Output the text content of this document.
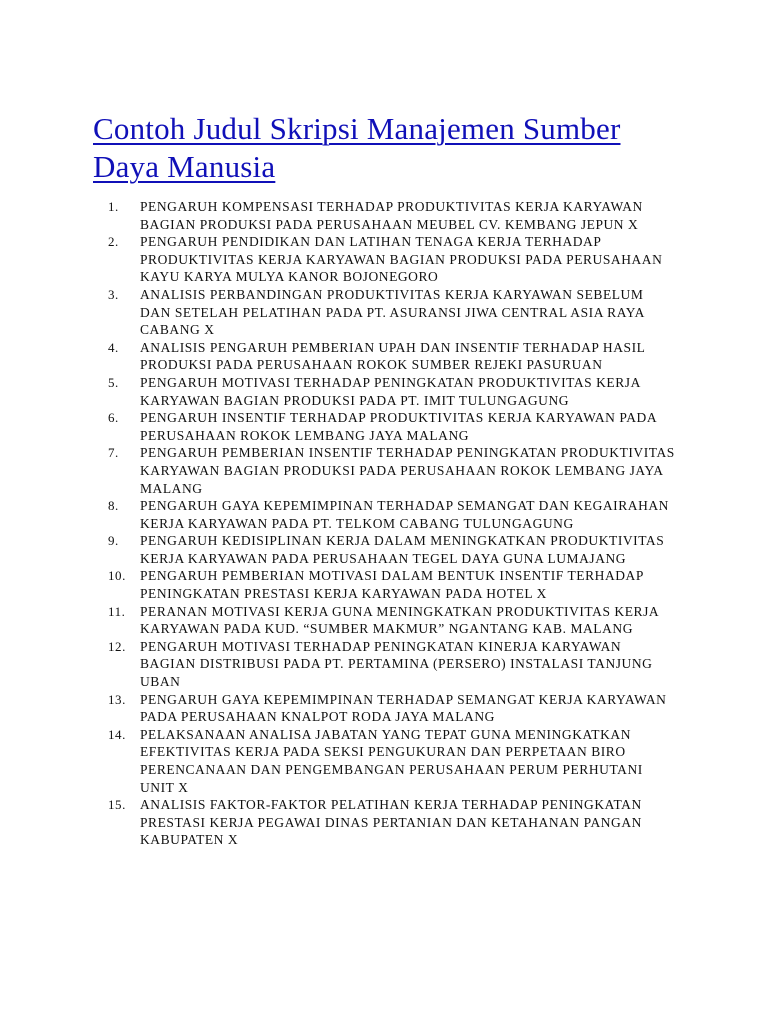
Contoh Judul Skripsi Manajemen Sumber Daya Manusia
1.	PENGARUH KOMPENSASI TERHADAP PRODUKTIVITAS KERJA KARYAWAN BAGIAN PRODUKSI PADA PERUSAHAAN MEUBEL CV. KEMBANG JEPUN X
2.	PENGARUH PENDIDIKAN DAN LATIHAN TENAGA KERJA TERHADAP PRODUKTIVITAS KERJA KARYAWAN BAGIAN PRODUKSI PADA PERUSAHAAN KAYU KARYA MULYA KANOR BOJONEGORO
3.	ANALISIS PERBANDINGAN PRODUKTIVITAS KERJA KARYAWAN SEBELUM DAN SETELAH PELATIHAN PADA PT. ASURANSI JIWA CENTRAL ASIA RAYA CABANG X
4.	ANALISIS PENGARUH PEMBERIAN UPAH DAN INSENTIF TERHADAP HASIL PRODUKSI PADA PERUSAHAAN ROKOK SUMBER REJEKI PASURUAN
5.	PENGARUH MOTIVASI TERHADAP PENINGKATAN PRODUKTIVITAS KERJA KARYAWAN BAGIAN PRODUKSI PADA PT. IMIT TULUNGAGUNG
6.	PENGARUH INSENTIF TERHADAP PRODUKTIVITAS KERJA KARYAWAN PADA PERUSAHAAN ROKOK LEMBANG JAYA MALANG
7.	PENGARUH PEMBERIAN INSENTIF TERHADAP PENINGKATAN PRODUKTIVITAS KARYAWAN BAGIAN PRODUKSI PADA PERUSAHAAN ROKOK LEMBANG JAYA MALANG
8.	PENGARUH GAYA KEPEMIMPINAN TERHADAP SEMANGAT DAN KEGAIRAHAN KERJA KARYAWAN PADA PT. TELKOM CABANG TULUNGAGUNG
9.	PENGARUH KEDISIPLINAN KERJA DALAM MENINGKATKAN PRODUKTIVITAS KERJA KARYAWAN PADA PERUSAHAAN TEGEL DAYA GUNA LUMAJANG
10.	PENGARUH PEMBERIAN MOTIVASI DALAM BENTUK INSENTIF TERHADAP PENINGKATAN PRESTASI KERJA KARYAWAN PADA HOTEL X
11.	PERANAN MOTIVASI KERJA GUNA MENINGKATKAN PRODUKTIVITAS KERJA KARYAWAN PADA KUD. “SUMBER MAKMUR” NGANTANG KAB. MALANG
12.	PENGARUH MOTIVASI TERHADAP PENINGKATAN KINERJA KARYAWAN BAGIAN DISTRIBUSI PADA PT. PERTAMINA (PERSERO) INSTALASI TANJUNG UBAN
13.	PENGARUH GAYA KEPEMIMPINAN TERHADAP SEMANGAT KERJA KARYAWAN PADA PERUSAHAAN KNALPOT RODA JAYA MALANG
14.	PELAKSANAAN ANALISA JABATAN YANG TEPAT GUNA MENINGKATKAN EFEKTIVITAS KERJA PADA SEKSI PENGUKURAN DAN PERPETAAN BIRO PERENCANAAN DAN PENGEMBANGAN PERUSAHAAN PERUM PERHUTANI UNIT X
15.	ANALISIS FAKTOR-FAKTOR PELATIHAN KERJA TERHADAP PENINGKATAN PRESTASI KERJA PEGAWAI DINAS PERTANIAN DAN KETAHANAN PANGAN KABUPATEN X
